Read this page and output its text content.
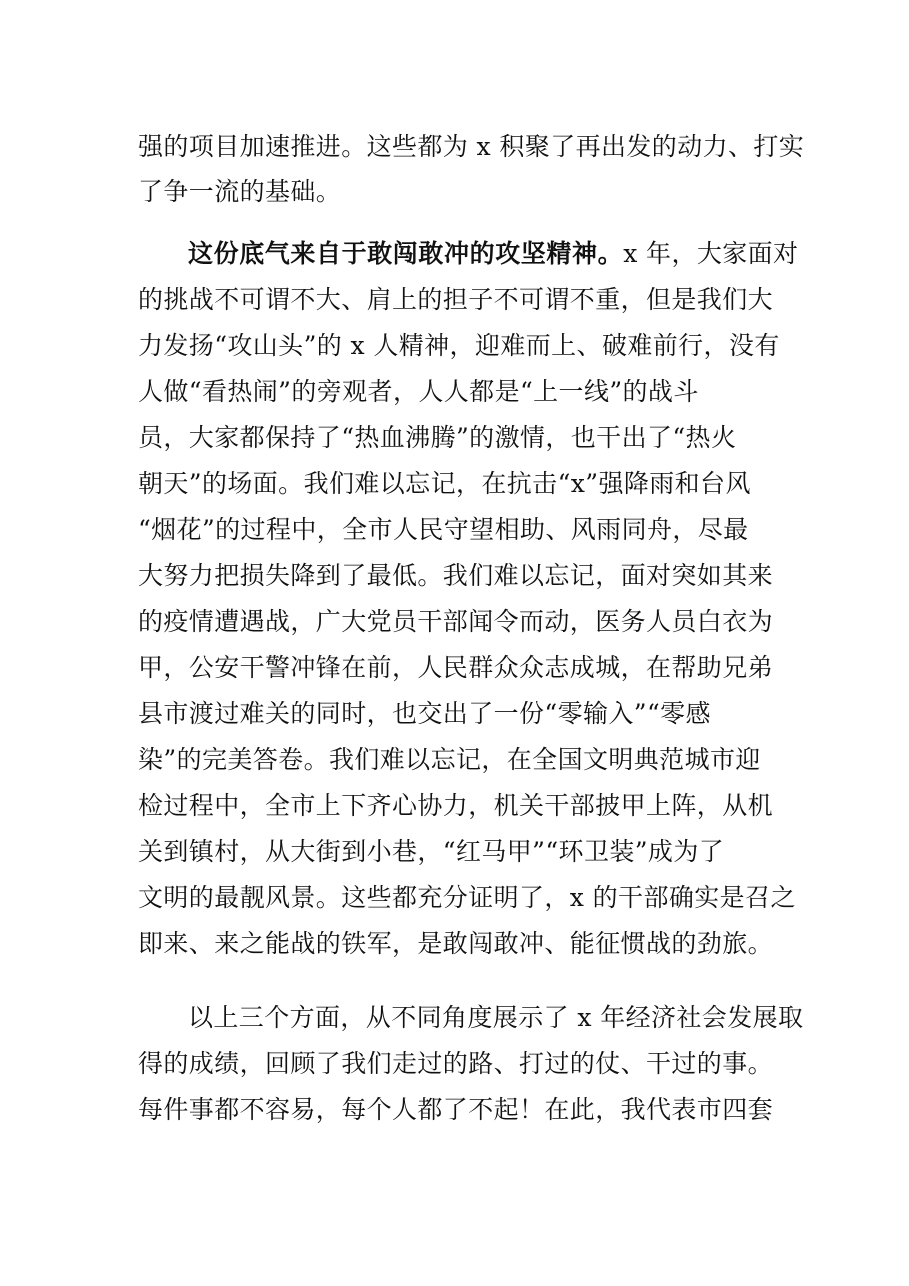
强的项目加速推进。这些都为 x 积聚了再出发的动力、打实
了争一流的基础。
这份底气来自于敢闯敢冲的攻坚精神。x 年，大家面对
的挑战不可谓不大、肩上的担子不可谓不重，但是我们大
力发扬“攻山头”的 x 人精神，迎难而上、破难前行，没有
人做“看热闹”的旁观者，人人都是“上一线”的战斗
员，大家都保持了“热血沸腾”的激情，也干出了“热火
朝天”的场面。我们难以忘记，在抗击“x”强降雨和台风
“烟花”的过程中，全市人民守望相助、风雨同舟，尽最
大努力把损失降到了最低。我们难以忘记，面对突如其来
的疫情遭遇战，广大党员干部闻令而动，医务人员白衣为
甲，公安干警冲锋在前，人民群众众志成城，在帮助兄弟
县市渡过难关的同时，也交出了一份“零输入”“零感
染”的完美答卷。我们难以忘记，在全国文明典范城市迎
检过程中，全市上下齐心协力，机关干部披甲上阵，从机
关到镇村，从大街到小巷，“红马甲”“环卫装”成为了
文明的最靓风景。这些都充分证明了，x 的干部确实是召之
即来、来之能战的铁军，是敢闯敢冲、能征惯战的劲旅。
以上三个方面，从不同角度展示了 x 年经济社会发展取
得的成绩，回顾了我们走过的路、打过的仗、干过的事。
每件事都不容易，每个人都了不起！在此，我代表市四套
